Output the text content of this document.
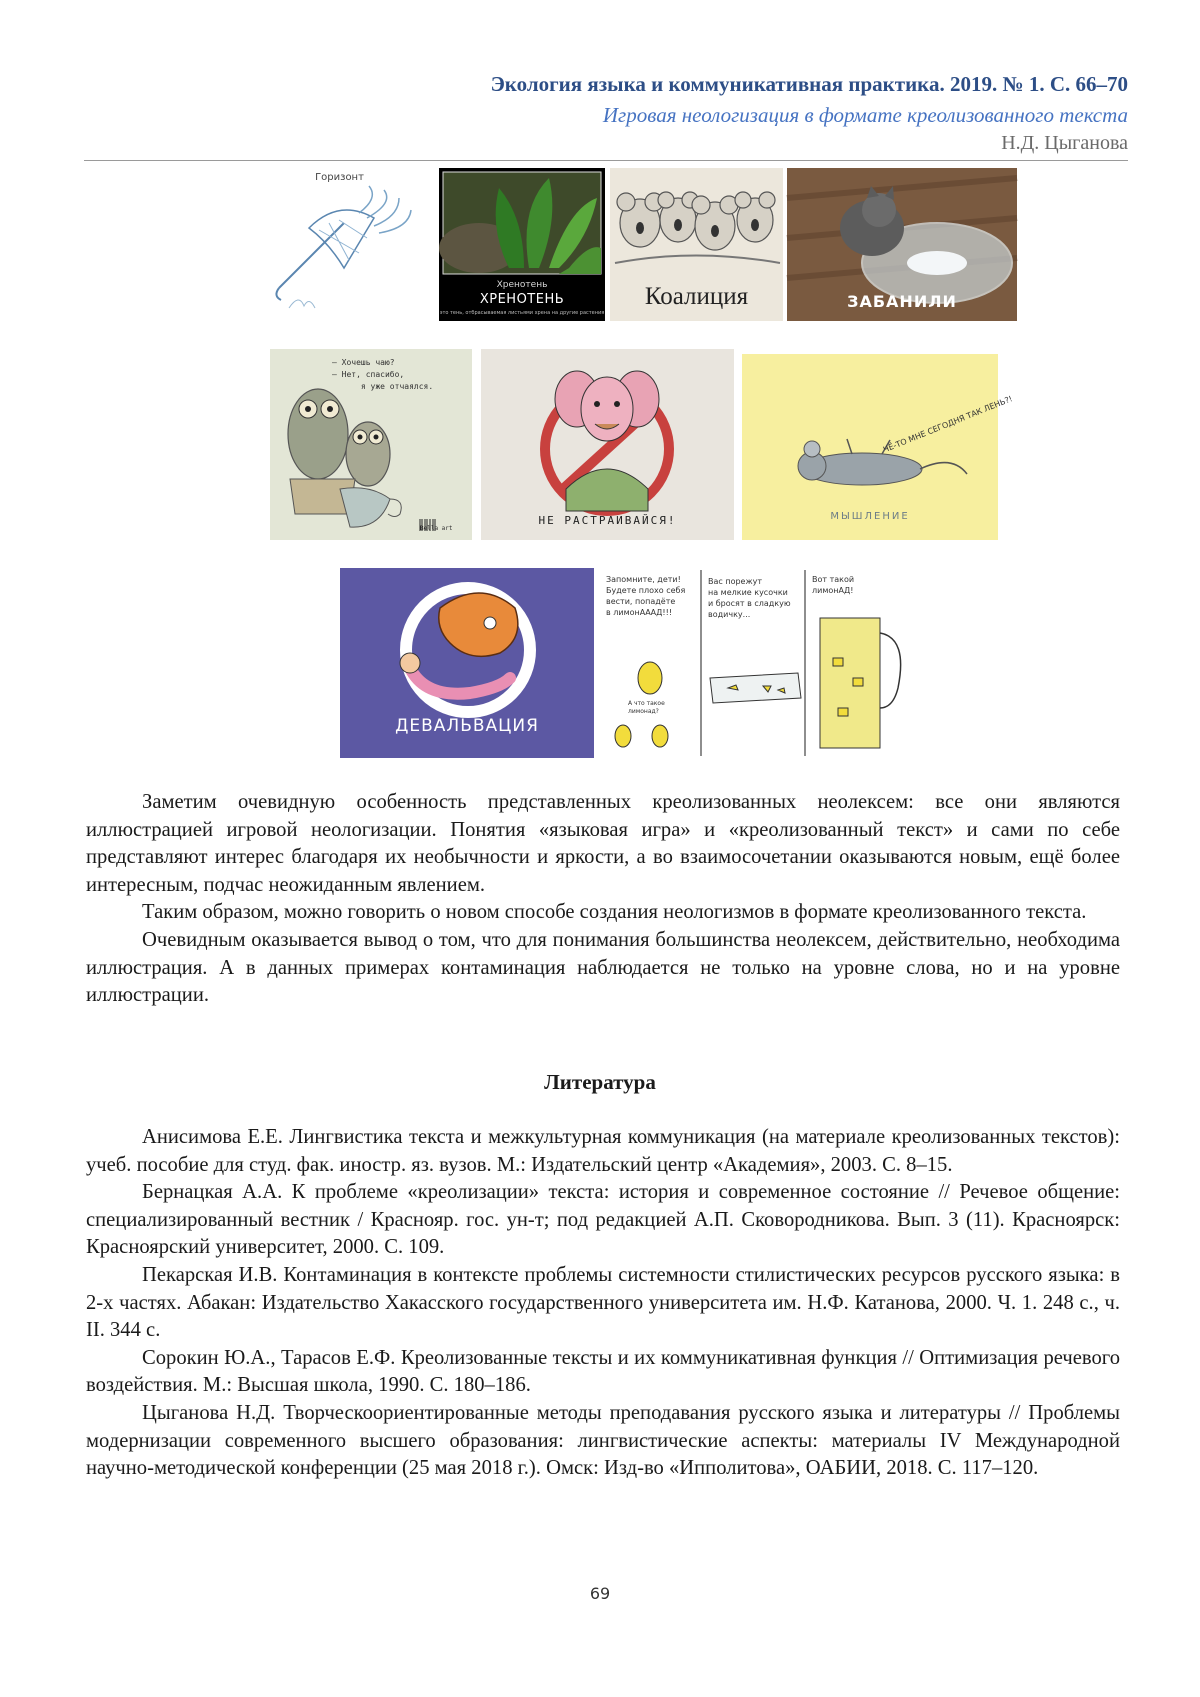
Экология языка и коммуникативная практика. 2019. № 1. С. 66–70
Игровая неологизация в формате креолизованного текста
Н.Д. Цыганова
Горизонт
Хренотень
ХРЕНОТЕНЬ
это тень, отбрасываемая листьями хрена на другие растения
Коалиция	ЗАБАНИЛИ
— Хочешь чаю?
— Нет, спасибо,
я уже отчаялся.
Bella art
НЕ РАСТРАИВАЙСЯ!
ЧЁ-ТО МНЕ СЕГОДНЯ ТАК ЛЕНЬ?!
МЫШЛЕНИЕ
ДЕВАЛЬВАЦИЯ
Запомните, дети!
Будете плохо себя
вести, попадёте
в лимонАААД!!!
А что такое
лимонад?
Вас порежут
на мелкие кусочки
и бросят в сладкую
водичку...
Вот такой
лимонАД!

Заметим очевидную особенность представленных креолизованных неолексем: все они являются иллюстрацией игровой неологизации. Понятия «языковая игра» и «креолизованный текст» и сами по себе представляют интерес благодаря их необычности и яркости, а во взаимосочетании оказываются новым, ещё более интересным, подчас неожиданным явлением.

Таким образом, можно говорить о новом способе создания неологизмов в формате креолизованного текста.

Очевидным оказывается вывод о том, что для понимания большинства неолексем, действительно, необходима иллюстрация. А в данных примерах контаминация наблюдается не только на уровне слова, но и на уровне иллюстрации.

Литература

Анисимова Е.Е. Лингвистика текста и межкультурная коммуникация (на материале креолизованных текстов): учеб. пособие для студ. фак. иностр. яз. вузов. М.: Издательский центр «Академия», 2003. С. 8–15.

Бернацкая А.А. К проблеме «креолизации» текста: история и современное состояние // Речевое общение: специализированный вестник / Краснояр. гос. ун-т; под редакцией А.П. Сковородникова. Вып. 3 (11). Красноярск: Красноярский университет, 2000. С. 109.

Пекарская И.В. Контаминация в контексте проблемы системности стилистических ресурсов русского языка: в 2-х частях. Абакан: Издательство Хакасского государственного университета им. Н.Ф. Катанова, 2000. Ч. 1. 248 с., ч. II. 344 с.

Сорокин Ю.А., Тарасов Е.Ф. Креолизованные тексты и их коммуникативная функция // Оптимизация речевого воздействия. М.: Высшая школа, 1990. С. 180–186.

Цыганова Н.Д. Творческоориентированные методы преподавания русского языка и литературы // Проблемы модернизации современного высшего образования: лингвистические аспекты: материалы IV Международной научно-методической конференции (25 мая 2018 г.). Омск: Изд-во «Ипполитова», ОАБИИ, 2018. С. 117–120.

69
